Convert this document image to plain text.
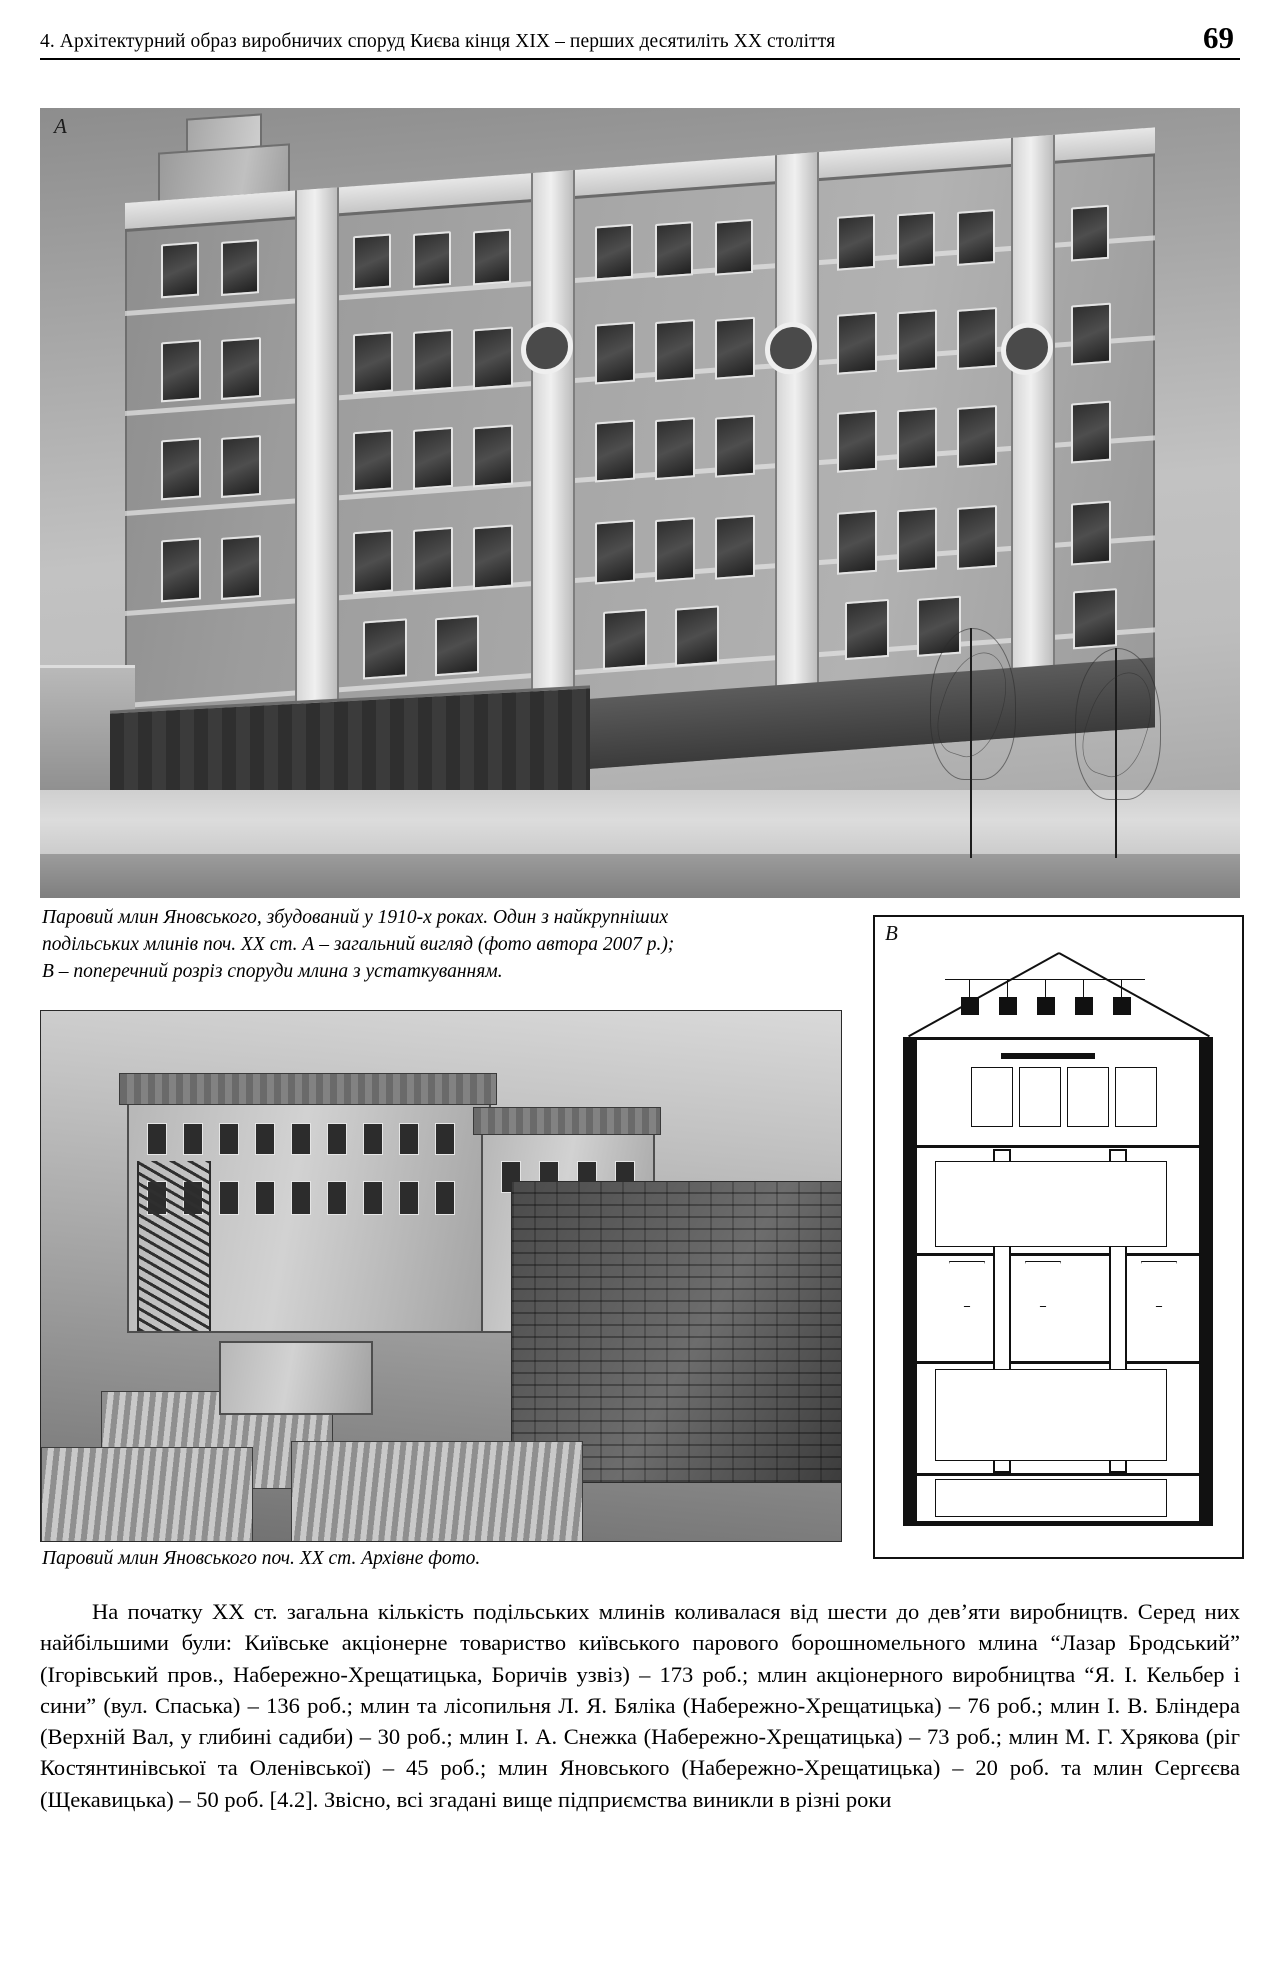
4. Архітектурний образ виробничих споруд Києва кінця XIX – перших десятиліть XX століття	69
А
Паровий млин Яновського, збудований у 1910-х роках. Один з найкрупніших подільських млинів поч. XX ст. А – загальний вигляд (фото автора 2007 р.); В – поперечний розріз споруди млина з устаткуванням.
В
Паровий млин Яновського поч. XX ст. Архівне фото.

На початку XX ст. загальна кількість подільських млинів коливалася від шести до дев’яти виробництв. Серед них найбільшими були: Київське акціонерне товариство київського парового борошномельного млина “Лазар Бродський” (Ігорівський пров., Набережно-Хрещатицька, Боричів узвіз) – 173 роб.; млин акціонерного виробництва “Я. І. Кельбер і сини” (вул. Спаська) – 136 роб.; млин та лісопильня Л. Я. Бяліка (Набережно-Хрещатицька) – 76 роб.; млин І. В. Бліндера (Верхній Вал, у глибині садиби) – 30 роб.; млин І. А. Снежка (Набережно-Хрещатицька) – 73 роб.; млин М. Г. Хрякова (ріг Костянтинівської та Оленівської) – 45 роб.; млин Яновського (Набережно-Хрещатицька) – 20 роб. та млин Сергєєва (Щекавицька) – 50 роб. [4.2]. Звісно, всі згадані вище підприємства виникли в різні роки
